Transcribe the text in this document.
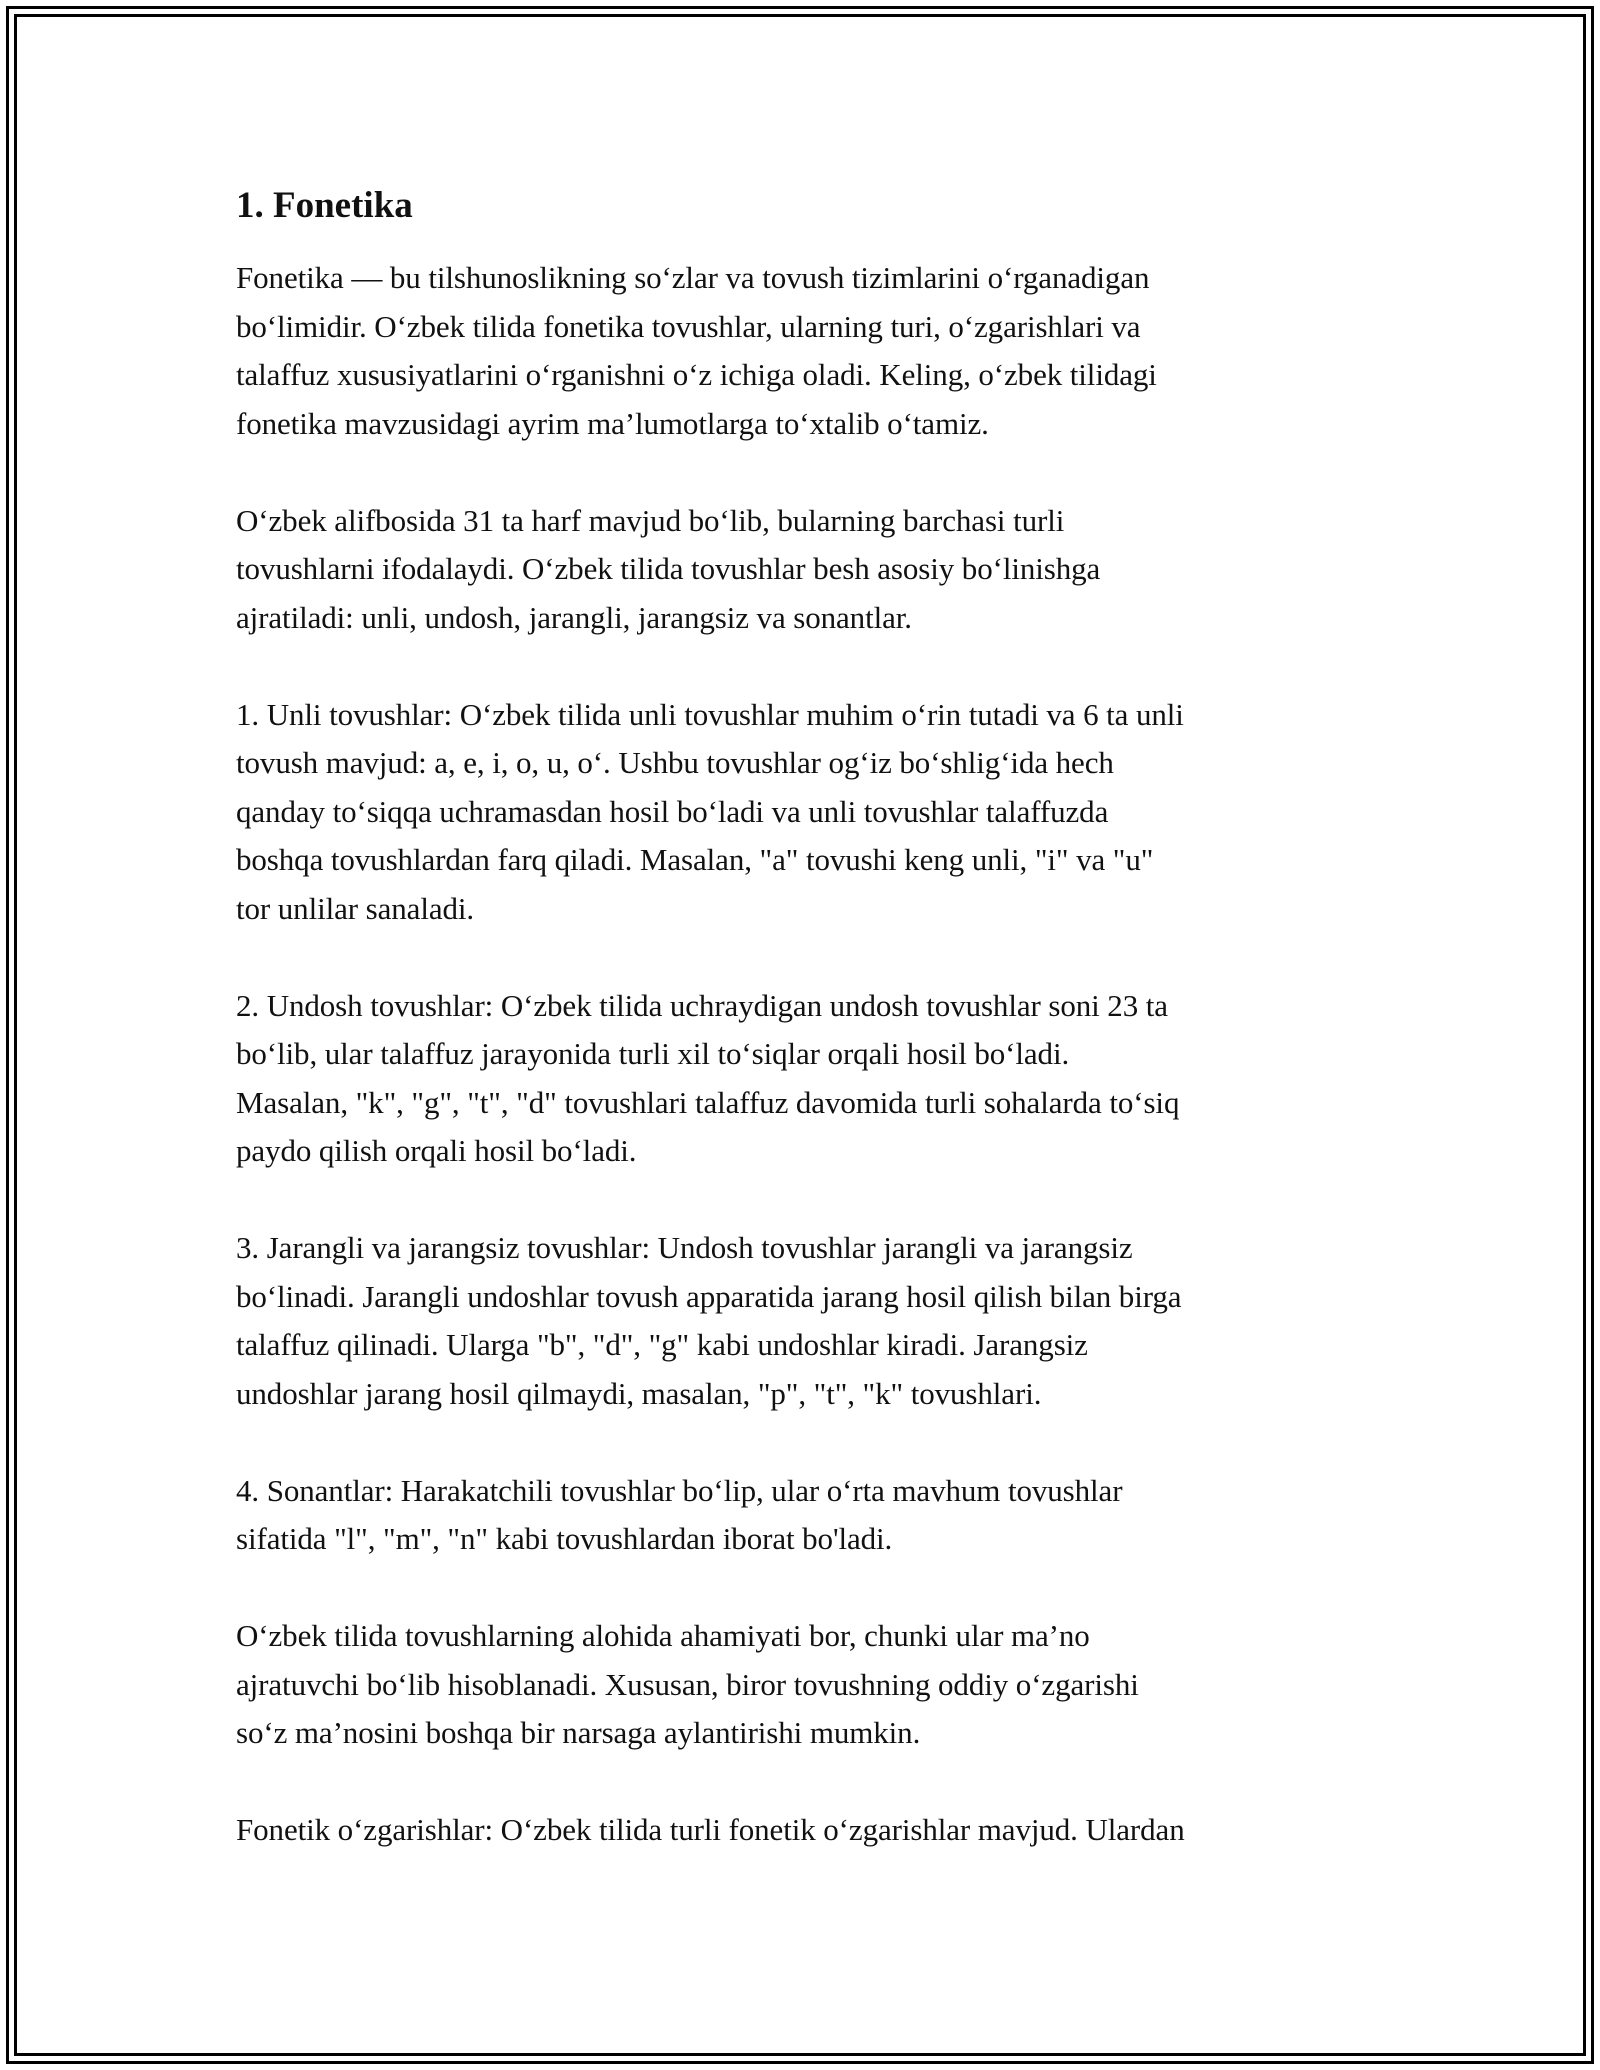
1. Fonetika

Fonetika — bu tilshunoslikning so‘zlar va tovush tizimlarini o‘rganadigan
bo‘limidir. O‘zbek tilida fonetika tovushlar, ularning turi, o‘zgarishlari va
talaffuz xususiyatlarini o‘rganishni o‘z ichiga oladi. Keling, o‘zbek tilidagi
fonetika mavzusidagi ayrim ma’lumotlarga to‘xtalib o‘tamiz.

O‘zbek alifbosida 31 ta harf mavjud bo‘lib, bularning barchasi turli
tovushlarni ifodalaydi. O‘zbek tilida tovushlar besh asosiy bo‘linishga
ajratiladi: unli, undosh, jarangli, jarangsiz va sonantlar.

1. Unli tovushlar: O‘zbek tilida unli tovushlar muhim o‘rin tutadi va 6 ta unli
tovush mavjud: a, e, i, o, u, o‘. Ushbu tovushlar og‘iz bo‘shlig‘ida hech
qanday to‘siqqa uchramasdan hosil bo‘ladi va unli tovushlar talaffuzda
boshqa tovushlardan farq qiladi. Masalan, "a" tovushi keng unli, "i" va "u"
tor unlilar sanaladi.

2. Undosh tovushlar: O‘zbek tilida uchraydigan undosh tovushlar soni 23 ta
bo‘lib, ular talaffuz jarayonida turli xil to‘siqlar orqali hosil bo‘ladi.
Masalan, "k", "g", "t", "d" tovushlari talaffuz davomida turli sohalarda to‘siq
paydo qilish orqali hosil bo‘ladi.

3. Jarangli va jarangsiz tovushlar: Undosh tovushlar jarangli va jarangsiz
bo‘linadi. Jarangli undoshlar tovush apparatida jarang hosil qilish bilan birga
talaffuz qilinadi. Ularga "b", "d", "g" kabi undoshlar kiradi. Jarangsiz
undoshlar jarang hosil qilmaydi, masalan, "p", "t", "k" tovushlari.

4. Sonantlar: Harakatchili tovushlar bo‘lip, ular o‘rta mavhum tovushlar
sifatida "l", "m", "n" kabi tovushlardan iborat bo'ladi.

O‘zbek tilida tovushlarning alohida ahamiyati bor, chunki ular ma’no
ajratuvchi bo‘lib hisoblanadi. Xususan, biror tovushning oddiy o‘zgarishi
so‘z ma’nosini boshqa bir narsaga aylantirishi mumkin.

Fonetik o‘zgarishlar: O‘zbek tilida turli fonetik o‘zgarishlar mavjud. Ulardan
